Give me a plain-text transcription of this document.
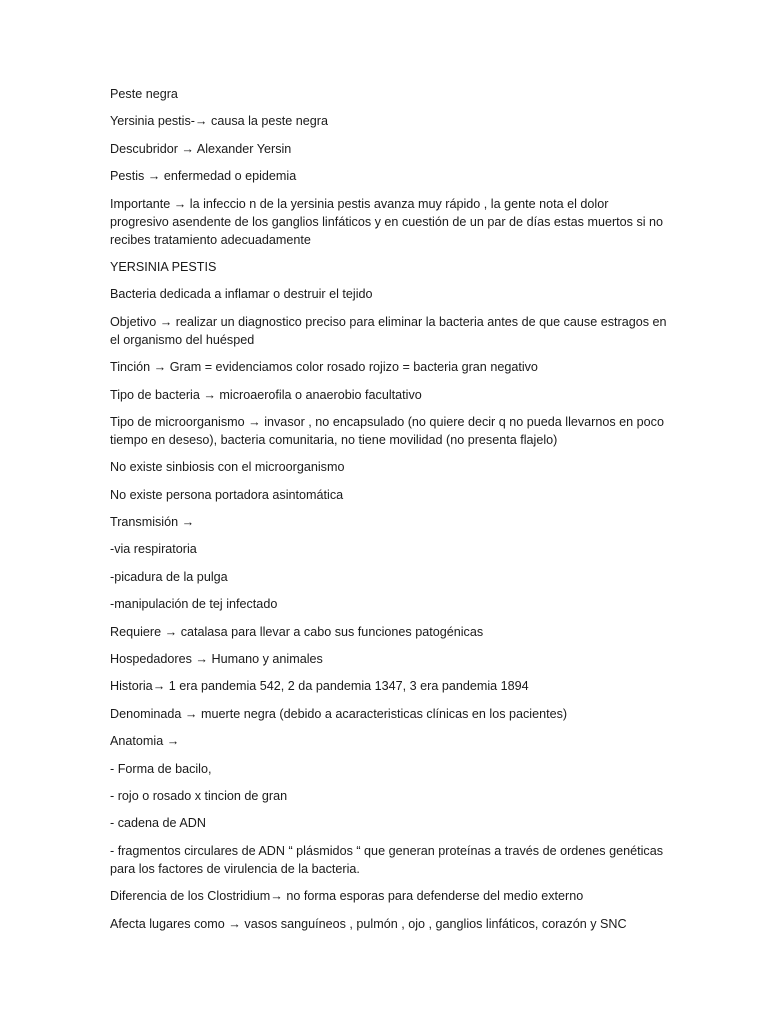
Peste negra

Yersinia pestis-→ causa la peste negra

Descubridor → Alexander Yersin

Pestis → enfermedad o epidemia

Importante → la infeccio n de la yersinia pestis avanza muy rápido , la gente nota el dolor progresivo asendente de los ganglios linfáticos y en cuestión de un par de días estas muertos si no recibes tratamiento adecuadamente

YERSINIA PESTIS

Bacteria dedicada a inflamar o destruir el tejido

Objetivo → realizar un diagnostico preciso para eliminar la bacteria antes de que cause estragos en el organismo del huésped

Tinción → Gram = evidenciamos color rosado rojizo = bacteria gran negativo

Tipo de bacteria → microaerofila o anaerobio facultativo

Tipo de microorganismo → invasor , no encapsulado (no quiere decir q no pueda llevarnos en poco tiempo en deseso), bacteria comunitaria, no tiene movilidad (no presenta flajelo)

No existe sinbiosis con el microorganismo

No existe persona portadora asintomática

Transmisión →

-via respiratoria

-picadura de la pulga

-manipulación de tej infectado

Requiere → catalasa para llevar a cabo sus funciones patogénicas

Hospedadores → Humano y animales

Historia→ 1 era pandemia 542, 2 da pandemia 1347, 3 era pandemia 1894

Denominada → muerte negra (debido a acaracteristicas clínicas en los pacientes)

Anatomia →

- Forma de bacilo,

- rojo o rosado x tincion de gran

- cadena de ADN

- fragmentos circulares de ADN “ plásmidos “ que generan proteínas a través de ordenes genéticas para los factores de virulencia de la bacteria.

Diferencia de los Clostridium→ no forma esporas para defenderse del medio externo

Afecta lugares como → vasos sanguíneos , pulmón , ojo , ganglios linfáticos, corazón y SNC
